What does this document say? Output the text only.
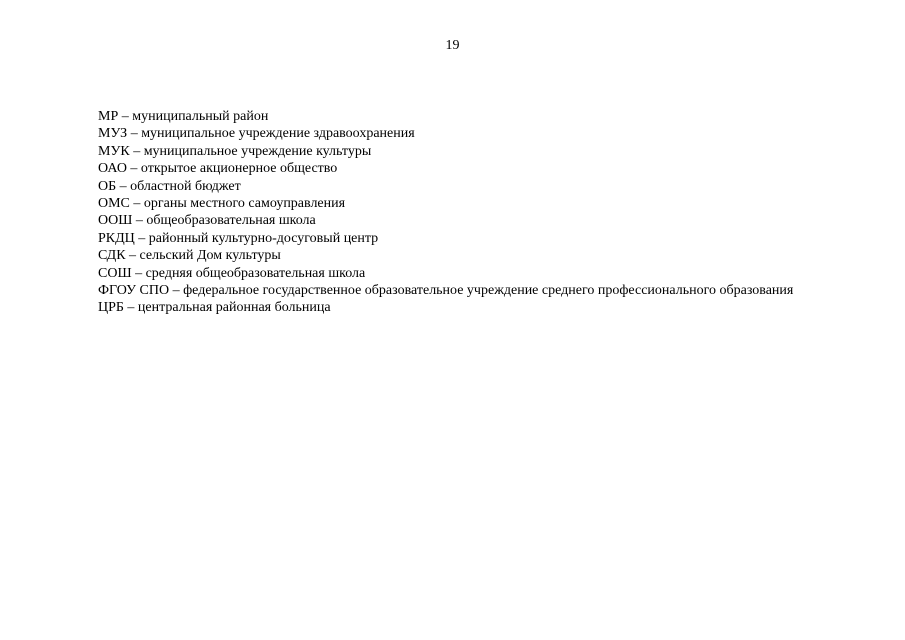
19
МР – муниципальный район
МУЗ – муниципальное учреждение здравоохранения
МУК – муниципальное учреждение культуры
ОАО – открытое акционерное общество
ОБ – областной бюджет
ОМС – органы местного самоуправления
ООШ – общеобразовательная школа
РКДЦ – районный культурно-досуговый центр
СДК – сельский Дом культуры
СОШ – средняя общеобразовательная школа
ФГОУ СПО – федеральное государственное образовательное учреждение среднего профессионального образования
ЦРБ – центральная районная больница
